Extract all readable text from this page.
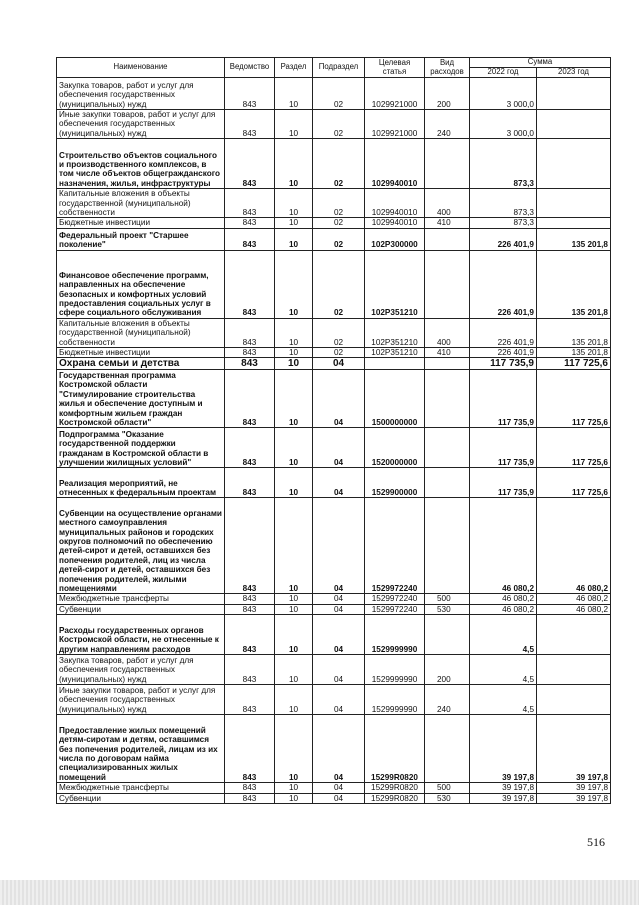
Наименование	Ведомство	Раздел	Подраздел	Целевая статья	Вид расходов	Сумма	
						2022 год	2023 год
Закупка товаров, работ и услуг для обеспечения государственных (муниципальных) нужд	843	10	02	1029921000	200	3 000,0	
Иные закупки товаров, работ и услуг для обеспечения государственных (муниципальных) нужд	843	10	02	1029921000	240	3 000,0	
Строительство объектов социального и производственного комплексов, в том числе объектов общегражданского назначения, жилья, инфраструктуры	843	10	02	1029940010		873,3	
Капитальные вложения в объекты государственной (муниципальной) собственности	843	10	02	1029940010	400	873,3	
Бюджетные инвестиции	843	10	02	1029940010	410	873,3	
Федеральный проект "Старшее поколение"	843	10	02	102P300000		226 401,9	135 201,8
Финансовое обеспечение программ, направленных на обеспечение безопасных и комфортных условий предоставления социальных услуг в сфере социального обслуживания	843	10	02	102P351210		226 401,9	135 201,8
Капитальные вложения в объекты государственной (муниципальной) собственности	843	10	02	102P351210	400	226 401,9	135 201,8
Бюджетные инвестиции	843	10	02	102P351210	410	226 401,9	135 201,8
Охрана семьи и детства	843	10	04			117 735,9	117 725,6
Государственная программа Костромской области "Стимулирование строительства жилья и обеспечение доступным и комфортным жильем граждан Костромской области"	843	10	04	1500000000		117 735,9	117 725,6
Подпрограмма "Оказание государственной поддержки гражданам в Костромской области в улучшении жилищных условий"	843	10	04	1520000000		117 735,9	117 725,6
Реализация мероприятий, не отнесенных к федеральным проектам	843	10	04	1529900000		117 735,9	117 725,6
Субвенции на осуществление органами местного самоуправления муниципальных районов и городских округов полномочий по обеспечению детей-сирот и детей, оставшихся без попечения родителей, лиц из числа детей-сирот и детей, оставшихся без попечения родителей, жилыми помещениями	843	10	04	1529972240		46 080,2	46 080,2
Межбюджетные трансферты	843	10	04	1529972240	500	46 080,2	46 080,2
Субвенции	843	10	04	1529972240	530	46 080,2	46 080,2
Расходы государственных органов Костромской области, не отнесенные к другим направлениям расходов	843	10	04	1529999990		4,5	
Закупка товаров, работ и услуг для обеспечения государственных (муниципальных) нужд	843	10	04	1529999990	200	4,5	
Иные закупки товаров, работ и услуг для обеспечения государственных (муниципальных) нужд	843	10	04	1529999990	240	4,5	
Предоставление жилых помещений детям-сиротам и детям, оставшимся без попечения родителей, лицам из их числа по договорам найма специализированных жилых помещений	843	10	04	15299R0820		39 197,8	39 197,8
Межбюджетные трансферты	843	10	04	15299R0820	500	39 197,8	39 197,8
Субвенции	843	10	04	15299R0820	530	39 197,8	39 197,8
516
